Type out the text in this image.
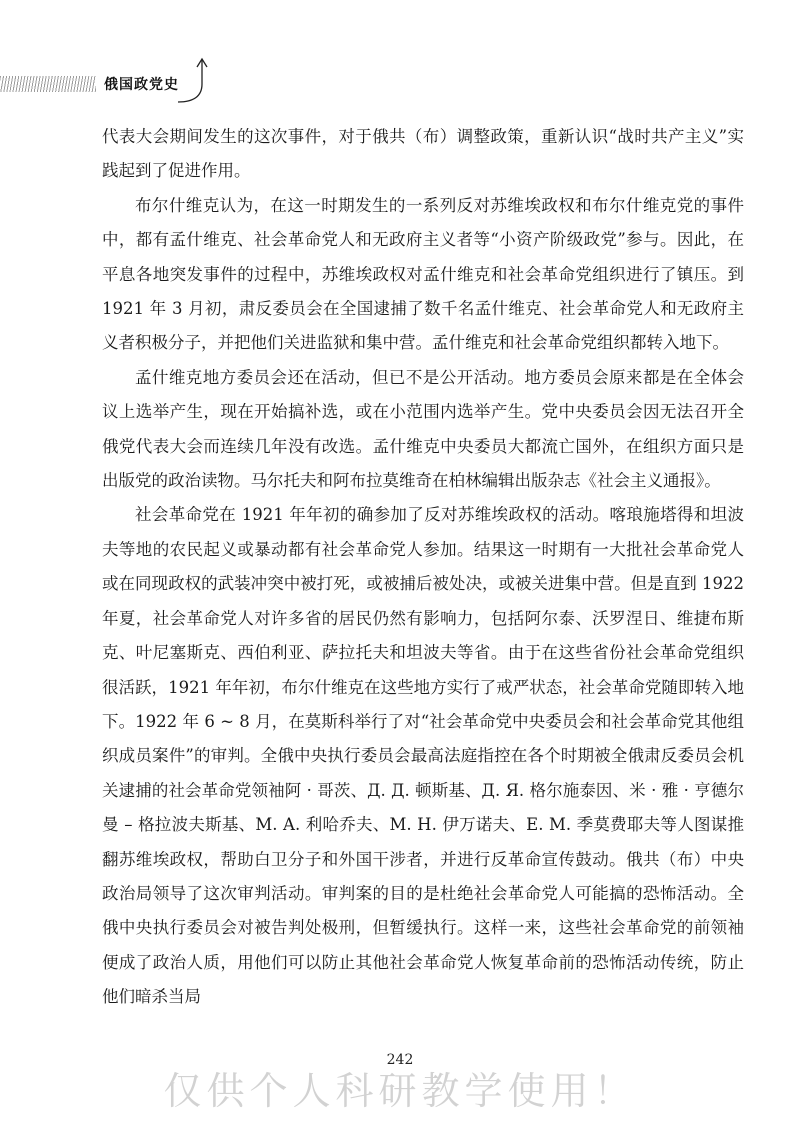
俄国政党史

代表大会期间发生的这次事件，对于俄共（布）调整政策，重新认识“战时共产主义”实践起到了促进作用。

布尔什维克认为，在这一时期发生的一系列反对苏维埃政权和布尔什维克党的事件中，都有孟什维克、社会革命党人和无政府主义者等“小资产阶级政党”参与。因此，在平息各地突发事件的过程中，苏维埃政权对孟什维克和社会革命党组织进行了镇压。到 1921 年 3 月初，肃反委员会在全国逮捕了数千名孟什维克、社会革命党人和无政府主义者积极分子，并把他们关进监狱和集中营。孟什维克和社会革命党组织都转入地下。

孟什维克地方委员会还在活动，但已不是公开活动。地方委员会原来都是在全体会议上选举产生，现在开始搞补选，或在小范围内选举产生。党中央委员会因无法召开全俄党代表大会而连续几年没有改选。孟什维克中央委员大都流亡国外，在组织方面只是出版党的政治读物。马尔托夫和阿布拉莫维奇在柏林编辑出版杂志《社会主义通报》。

社会革命党在 1921 年年初的确参加了反对苏维埃政权的活动。喀琅施塔得和坦波夫等地的农民起义或暴动都有社会革命党人参加。结果这一时期有一大批社会革命党人或在同现政权的武装冲突中被打死，或被捕后被处决，或被关进集中营。但是直到 1922 年夏，社会革命党人对许多省的居民仍然有影响力，包括阿尔泰、沃罗涅日、维捷布斯克、叶尼塞斯克、西伯利亚、萨拉托夫和坦波夫等省。由于在这些省份社会革命党组织很活跃，1921 年年初，布尔什维克在这些地方实行了戒严状态，社会革命党随即转入地下。1922 年 6 ~ 8 月，在莫斯科举行了对“社会革命党中央委员会和社会革命党其他组织成员案件”的审判。全俄中央执行委员会最高法庭指控在各个时期被全俄肃反委员会机关逮捕的社会革命党领袖阿 · 哥茨、Д. Д. 顿斯基、Д. Я. 格尔施泰因、米 · 雅 · 亨德尔曼 – 格拉波夫斯基、M. A. 利哈乔夫、M. H. 伊万诺夫、E. M. 季莫费耶夫等人图谋推翻苏维埃政权，帮助白卫分子和外国干涉者，并进行反革命宣传鼓动。俄共（布）中央政治局领导了这次审判活动。审判案的目的是杜绝社会革命党人可能搞的恐怖活动。全俄中央执行委员会对被告判处极刑，但暂缓执行。这样一来，这些社会革命党的前领袖便成了政治人质，用他们可以防止其他社会革命党人恢复革命前的恐怖活动传统，防止他们暗杀当局

242
仅供个人科研教学使用！
